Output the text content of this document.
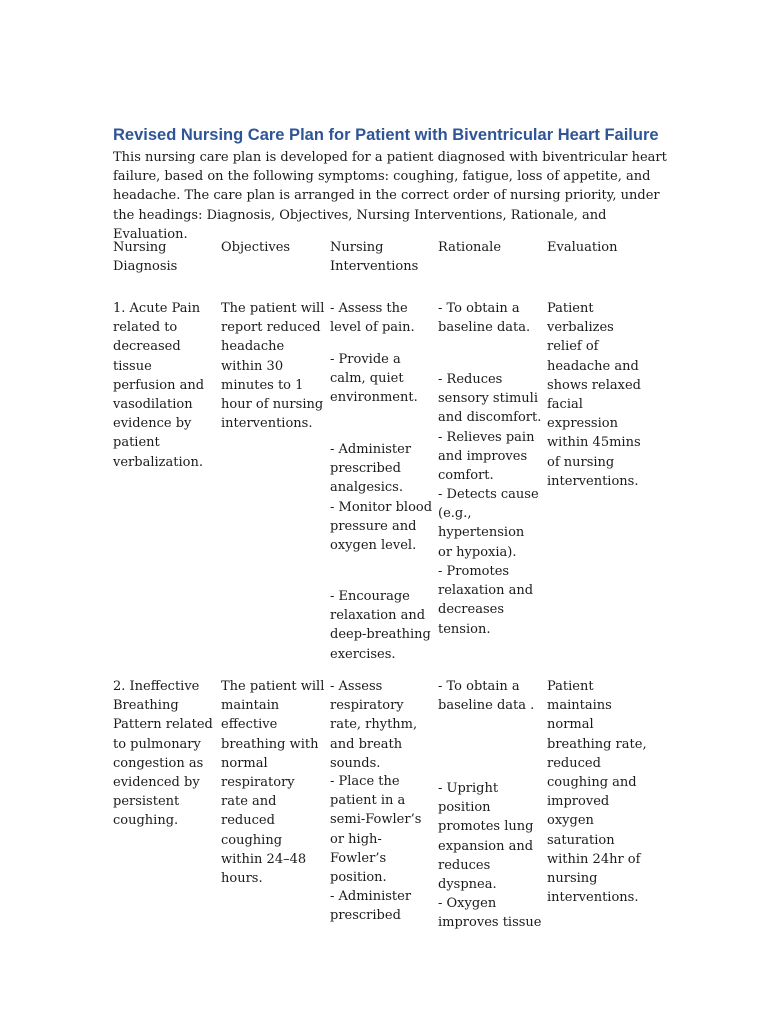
Revised Nursing Care Plan for Patient with Biventricular Heart Failure
This nursing care plan is developed for a patient diagnosed with biventricular heart failure, based on the following symptoms: coughing, fatigue, loss of appetite, and headache. The care plan is arranged in the correct order of nursing priority, under the headings: Diagnosis, Objectives, Nursing Interventions, Rationale, and Evaluation.
Nursing Diagnosis
Objectives	Nursing Interventions
Rationale	Evaluation
1. Acute Pain related to decreased tissue perfusion and vasodilation evidence by patient verbalization.
The patient will report reduced headache within 30 minutes to 1 hour of nursing interventions.
- Assess the level of pain.
- Provide a calm, quiet environment.
- Administer prescribed analgesics.
- Monitor blood pressure and oxygen level.
- Encourage relaxation and deep-breathing exercises.
- To obtain a baseline data.
- Reduces sensory stimuli and discomfort.
- Relieves pain and improves comfort.
- Detects cause (e.g., hypertension or hypoxia).
- Promotes relaxation and decreases tension.
Patient verbalizes relief of headache and shows relaxed facial expression within 45mins of nursing interventions.
2. Ineffective Breathing Pattern related to pulmonary congestion as evidenced by persistent coughing.
The patient will maintain effective breathing with normal respiratory rate and reduced coughing within 24–48 hours.
- Assess respiratory rate, rhythm, and breath sounds.
- Place the patient in a semi-Fowler’s or high-Fowler’s position.
- Administer prescribed
- To obtain a baseline data .
- Upright position promotes lung expansion and reduces dyspnea.
- Oxygen improves tissue
Patient maintains normal breathing rate, reduced coughing and improved oxygen saturation within 24hr of nursing interventions.
